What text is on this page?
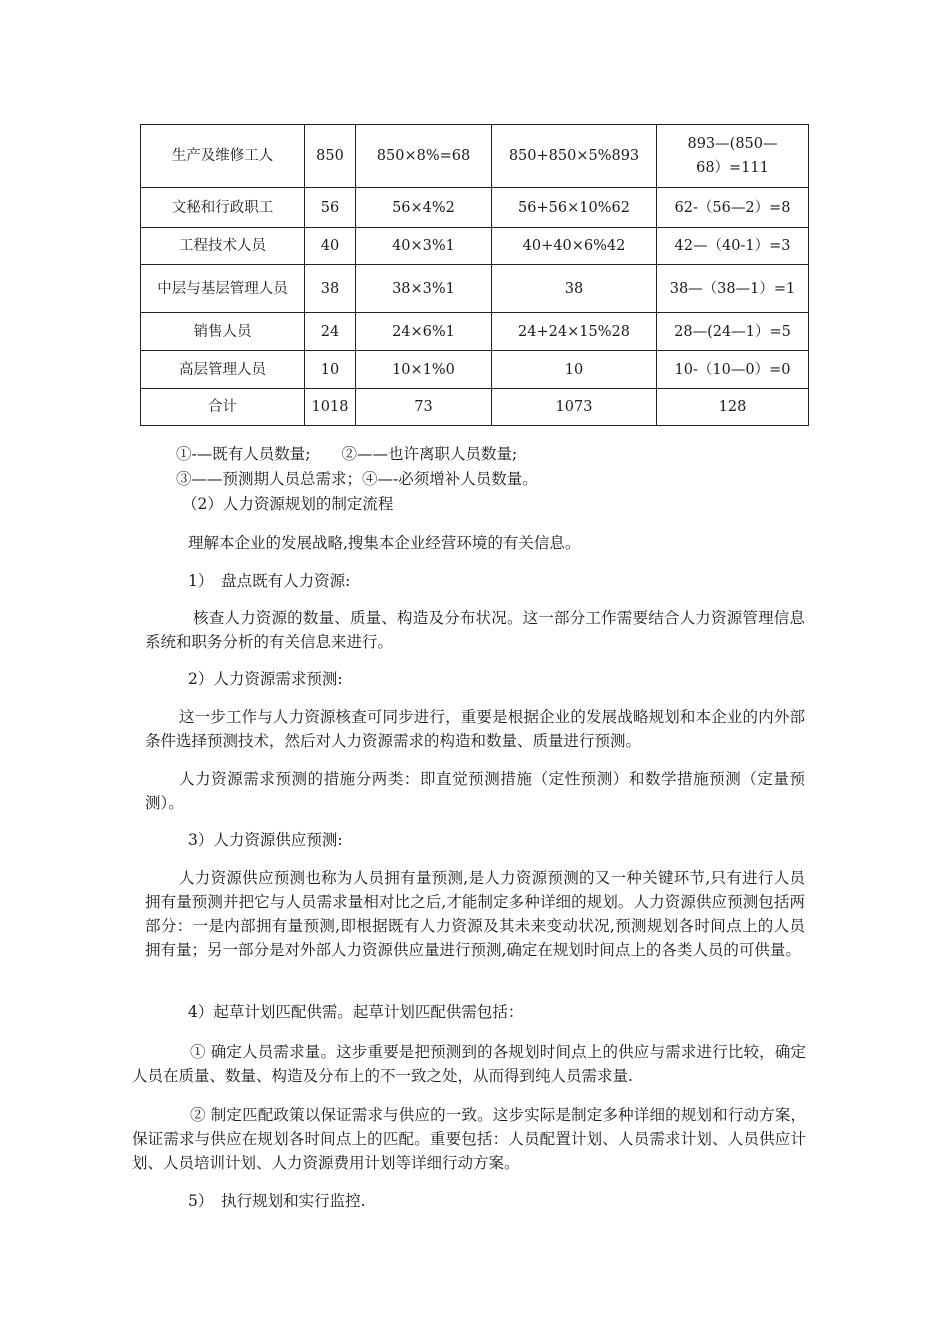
生产及维修工人	850	850×8%=68	850+850×5%893	893—(850—68）=111
文秘和行政职工	56	56×4%2	56+56×10%62	62-（56—2）=8
工程技术人员	40	40×3%1	40+40×6%42	42—（40-1）=3
中层与基层管理人员	38	38×3%1	38	38—（38—1）=1
销售人员	24	24×6%1	24+24×15%28	28—(24—1）=5
高层管理人员	10	10×1%0	10	10-（10—0）=0
合计	1018	73	1073	128
①-—既有人员数量;　　②——也许离职人员数量;
③——预测期人员总需求；④—-必须增补人员数量。
（2）人力资源规划的制定流程
理解本企业的发展战略,搜集本企业经营环境的有关信息。
1）　盘点既有人力资源:
核查人力资源的数量、质量、构造及分布状况。这一部分工作需要结合人力资源管理信息系统和职务分析的有关信息来进行。
2）人力资源需求预测:
这一步工作与人力资源核查可同步进行，重要是根据企业的发展战略规划和本企业的内外部条件选择预测技术，然后对人力资源需求的构造和数量、质量进行预测。
人力资源需求预测的措施分两类：即直觉预测措施（定性预测）和数学措施预测（定量预测）。
3）人力资源供应预测:
人力资源供应预测也称为人员拥有量预测,是人力资源预测的又一种关键环节,只有进行人员拥有量预测并把它与人员需求量相对比之后,才能制定多种详细的规划。人力资源供应预测包括两部分：一是内部拥有量预测,即根据既有人力资源及其未来变动状况,预测规划各时间点上的人员拥有量；另一部分是对外部人力资源供应量进行预测,确定在规划时间点上的各类人员的可供量。
4）起草计划匹配供需。起草计划匹配供需包括：
① 确定人员需求量。这步重要是把预测到的各规划时间点上的供应与需求进行比较，确定人员在质量、数量、构造及分布上的不一致之处，从而得到纯人员需求量.
② 制定匹配政策以保证需求与供应的一致。这步实际是制定多种详细的规划和行动方案，保证需求与供应在规划各时间点上的匹配。重要包括：人员配置计划、人员需求计划、人员供应计划、人员培训计划、人力资源费用计划等详细行动方案。
5）　执行规划和实行监控.
